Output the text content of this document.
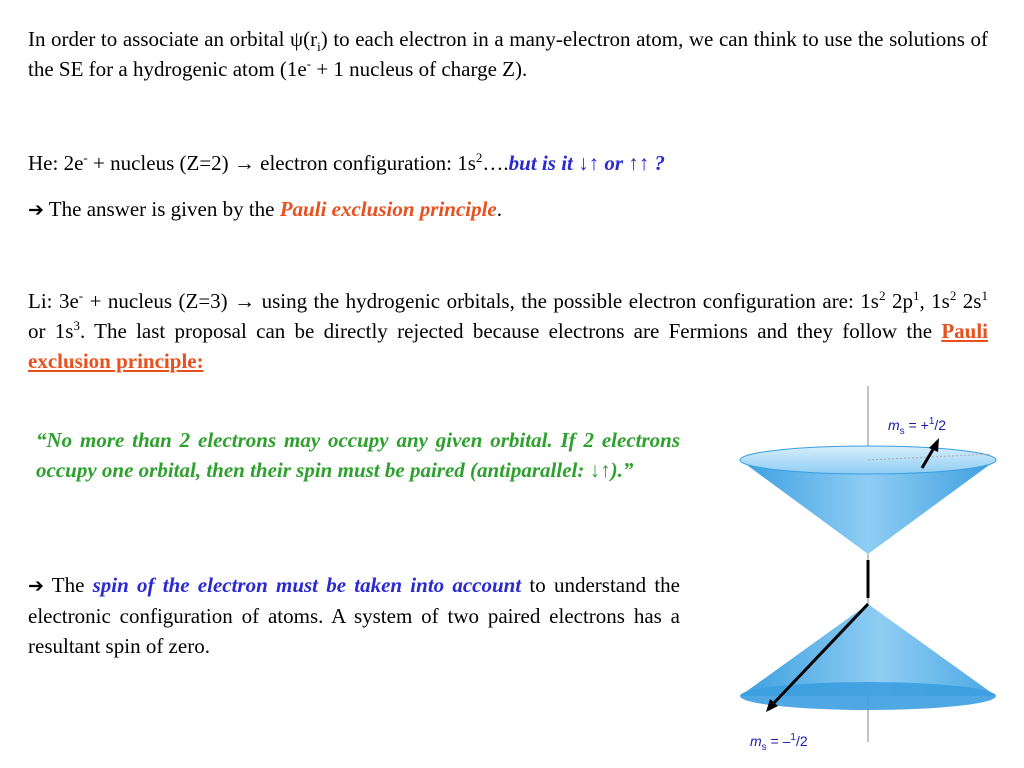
In order to associate an orbital $\psi(r_i)$ to each electron in a many-electron atom, we can think to use the solutions of the SE for a hydrogenic atom (1e- + 1 nucleus of charge Z).
He: 2e- + nucleus (Z=2) → electron configuration: $1s^2\dots.but$ is it ↓↑ or ↑↑ ?
➔ The answer is given by the Pauli exclusion principle.
Li: 3e- + nucleus (Z=3) → using the hydrogenic orbitals, the possible electron configuration are: $1s^2$ $2p^1$, $1s^2$ $2s^1$ or $1s^3$. The last proposal can be directly rejected because electrons are Fermions and they follow the Pauli exclusion principle:
“No more than 2 electrons may occupy any given orbital. If 2 electrons occupy one orbital, then their spin must be paired (antiparallel: ↓↑).”
➔ The spin of the electron must be taken into account to understand the electronic configuration of atoms. A system of two paired electrons has a resultant spin of zero.
$m_s = +^1/2$
$m_s = -^1/2$
